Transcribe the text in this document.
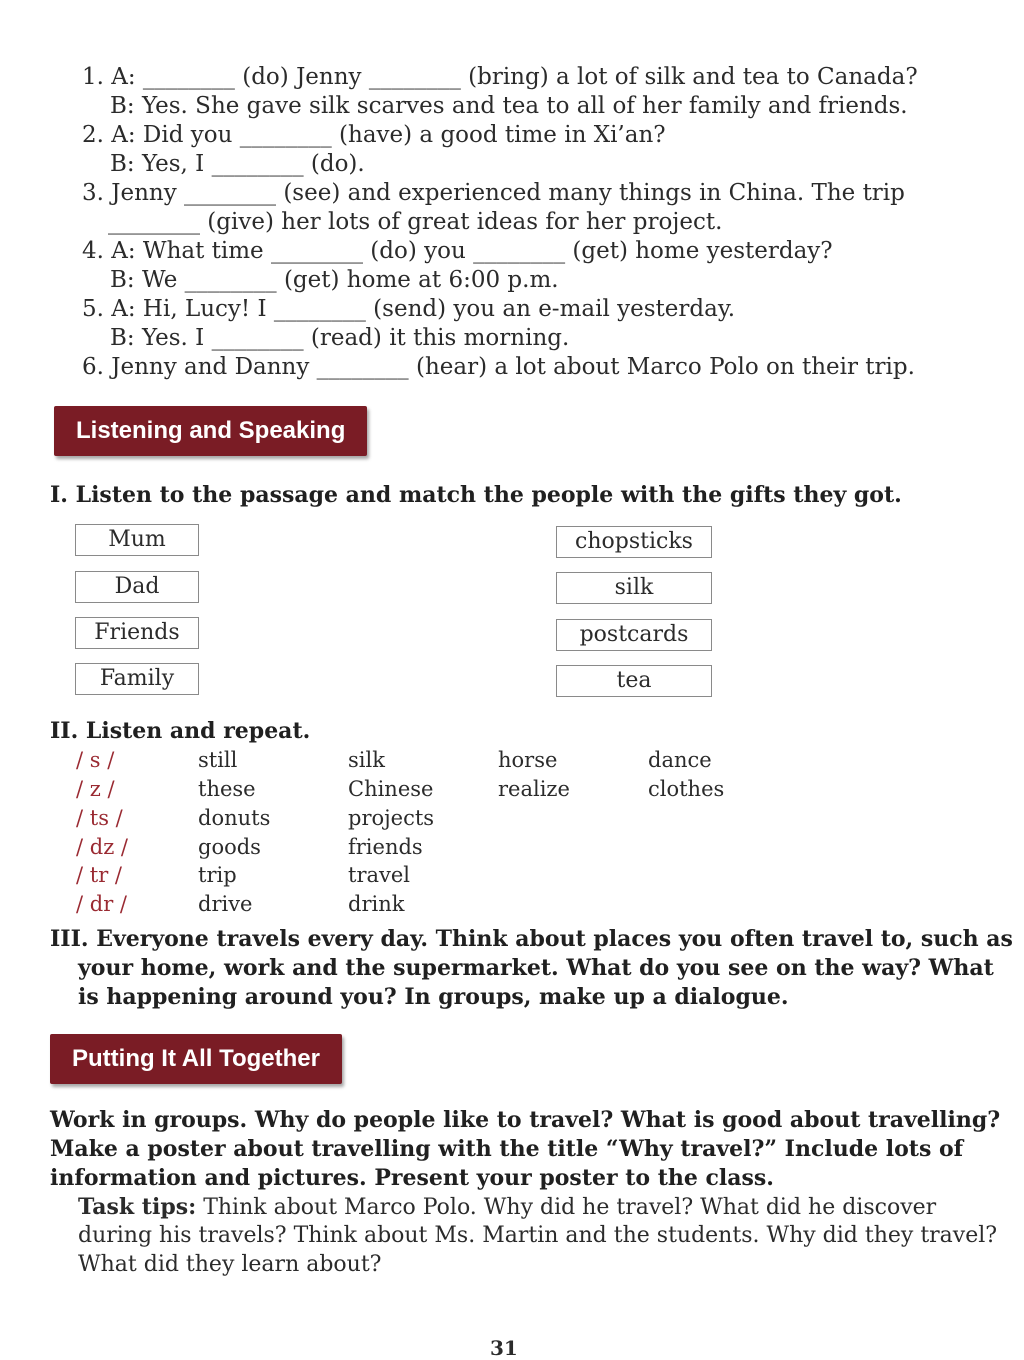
1. A: ________ (do) Jenny ________ (bring) a lot of silk and tea to Canada?
B: Yes. She gave silk scarves and tea to all of her family and friends.
2. A: Did you ________ (have) a good time in Xi’an?
B: Yes, I ________ (do).
3. Jenny ________ (see) and experienced many things in China. The trip
________ (give) her lots of great ideas for her project.
4. A: What time ________ (do) you ________ (get) home yesterday?
B: We ________ (get) home at 6:00 p.m.
5. A: Hi, Lucy! I ________ (send) you an e-mail yesterday.
B: Yes. I ________ (read) it this morning.
6. Jenny and Danny ________ (hear) a lot about Marco Polo on their trip.
Listening and Speaking
I. Listen to the passage and match the people with the gifts they got.
Mum
Dad
Friends
Family
chopsticks
silk
postcards
tea
II. Listen and repeat.
/ s /	still	silk	horse	dance
/ z /	these	Chinese	realize	clothes
/ ts /	donuts	projects
/ dz /	goods	friends
/ tr /	trip	travel
/ dr /	drive	drink
III. Everyone travels every day. Think about places you often travel to, such as
your home, work and the supermarket. What do you see on the way? What
is happening around you? In groups, make up a dialogue.
Putting It All Together
Work in groups. Why do people like to travel? What is good about travelling?
Make a poster about travelling with the title “Why travel?” Include lots of
information and pictures. Present your poster to the class.
Task tips: Think about Marco Polo. Why did he travel? What did he discover
during his travels? Think about Ms. Martin and the students. Why did they travel?
What did they learn about?
31
